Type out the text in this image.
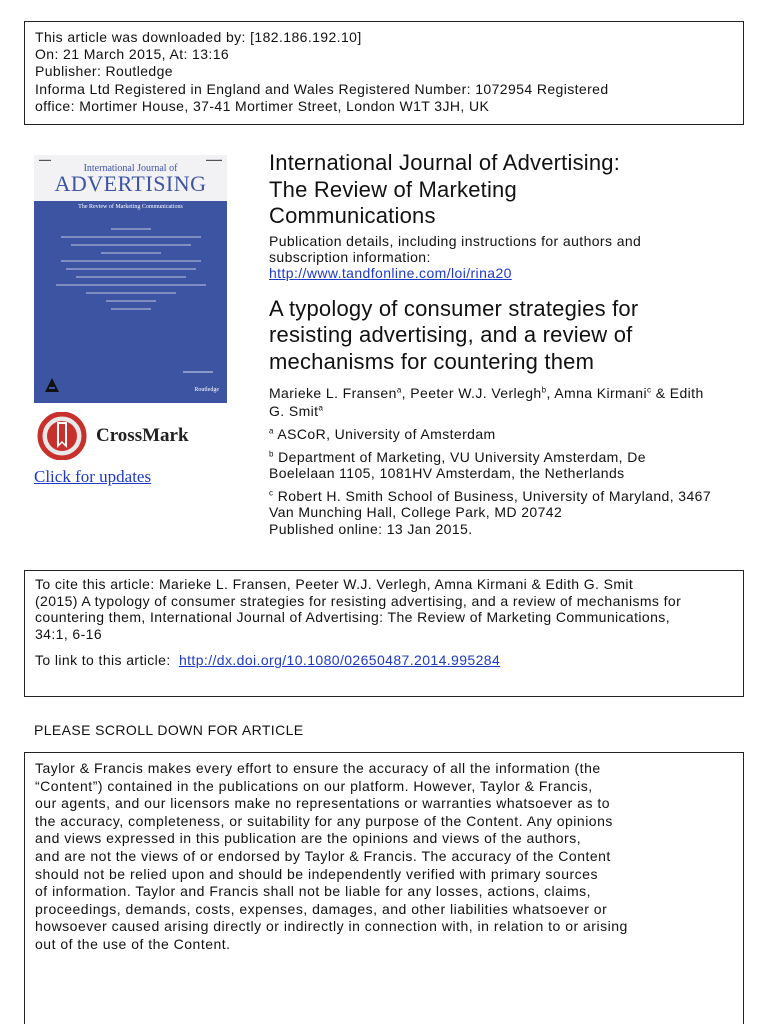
This article was downloaded by: [182.186.192.10]
On: 21 March 2015, At: 13:16
Publisher: Routledge
Informa Ltd Registered in England and Wales Registered Number: 1072954 Registered
office: Mortimer House, 37-41 Mortimer Street, London W1T 3JH, UK
▬▬▬	▬▬▬▬
International Journal of
ADVERTISING
The Review of Marketing Communications
Routledge
CrossMark
Click for updates
International Journal of Advertising:
The Review of Marketing
Communications
Publication details, including instructions for authors and
subscription information:
http://www.tandfonline.com/loi/rina20
A typology of consumer strategies for
resisting advertising, and a review of
mechanisms for countering them
Marieke L. Fransen$^a$, Peeter W.J. Verlegh$^b$, Amna Kirmani$^c$ & Edith
G. Smit$^a$
$^a$ ASCoR, University of Amsterdam
$^b$ Department of Marketing, VU University Amsterdam, De
Boelelaan 1105, 1081HV Amsterdam, the Netherlands
$^c$ Robert H. Smith School of Business, University of Maryland, 3467
Van Munching Hall, College Park, MD 20742
Published online: 13 Jan 2015.
To cite this article: Marieke L. Fransen, Peeter W.J. Verlegh, Amna Kirmani & Edith G. Smit
(2015) A typology of consumer strategies for resisting advertising, and a review of mechanisms for
countering them, International Journal of Advertising: The Review of Marketing Communications,
34:1, 6-16
To link to this article: http://dx.doi.org/10.1080/02650487.2014.995284
PLEASE SCROLL DOWN FOR ARTICLE
Taylor & Francis makes every effort to ensure the accuracy of all the information (the
“Content”) contained in the publications on our platform. However, Taylor & Francis,
our agents, and our licensors make no representations or warranties whatsoever as to
the accuracy, completeness, or suitability for any purpose of the Content. Any opinions
and views expressed in this publication are the opinions and views of the authors,
and are not the views of or endorsed by Taylor & Francis. The accuracy of the Content
should not be relied upon and should be independently verified with primary sources
of information. Taylor and Francis shall not be liable for any losses, actions, claims,
proceedings, demands, costs, expenses, damages, and other liabilities whatsoever or
howsoever caused arising directly or indirectly in connection with, in relation to or arising
out of the use of the Content.
